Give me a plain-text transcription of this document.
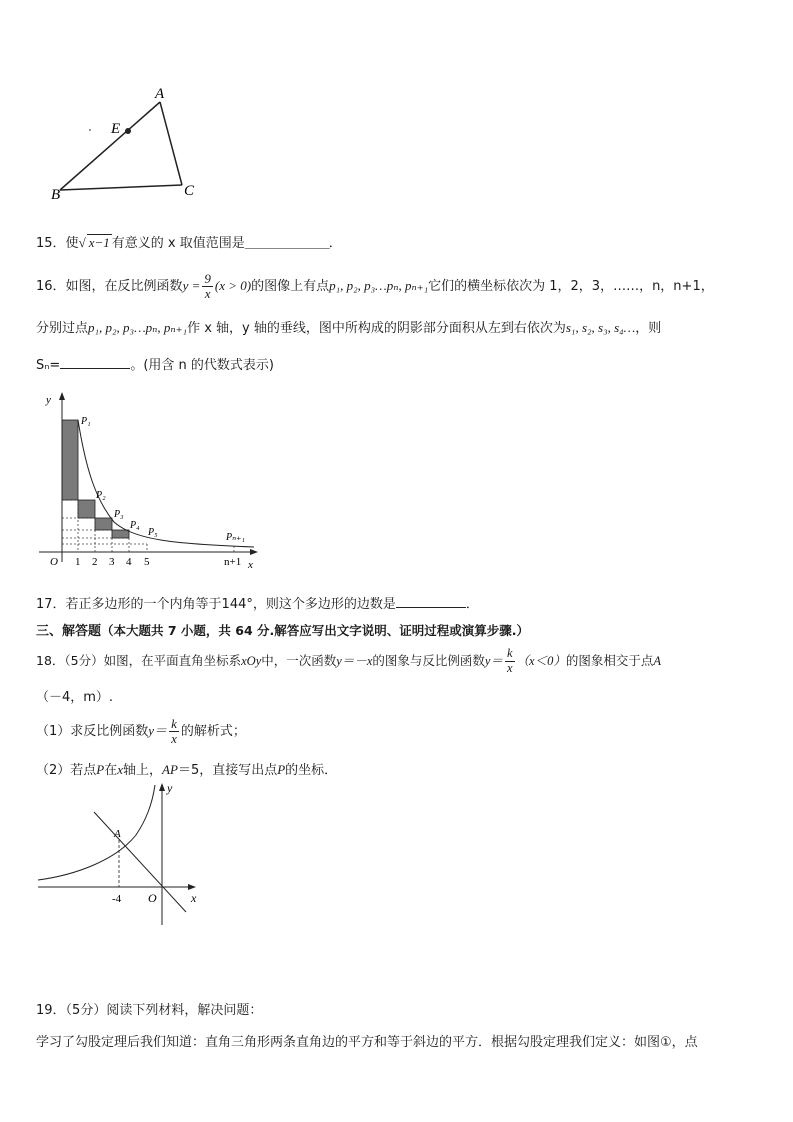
A
B	C
E
15．使√ x−1 有意义的 x 取值范围是＿＿＿＿＿＿＿．
16．如图，在反比例函数$y = \frac{9}{x} (x > 0)$的图像上有点p₁, p₂, p₃…pₙ, pₙ₊₁它们的横坐标依次为 1，2，3，……，n，n+1，
分别过点p₁, p₂, p₃…pₙ, pₙ₊₁作 x 轴，y 轴的垂线，图中所构成的阴影部分面积从左到右依次为s₁, s₂, s₃, s₄…，则
Sₙ=	。(用含 n 的代数式表示)
y
x
O 1 2 3 4 5	n+1
P₁
P₂
P₃
P₄
P₅	Pₙ₊₁
17．若正多边形的一个内角等于144°，则这个多边形的边数是	．
三、解答题（本大题共 7 小题，共 64 分.解答应写出文字说明、证明过程或演算步骤.）
18．（5分）如图，在平面直角坐标系xOy中，一次函数y＝－x的图象与反比例函数$y= \frac{k}{x} (x<0)$的图象相交于点A
（－4，m）.
（1）求反比例函数$y= \frac{k}{x}$ 的解析式；
（2）若点P在x轴上，AP＝5，直接写出点P的坐标．
A
y
x
O
-4
19．（5分）阅读下列材料，解决问题：
学习了勾股定理后我们知道：直角三角形两条直角边的平方和等于斜边的平方．根据勾股定理我们定义：如图①，点
